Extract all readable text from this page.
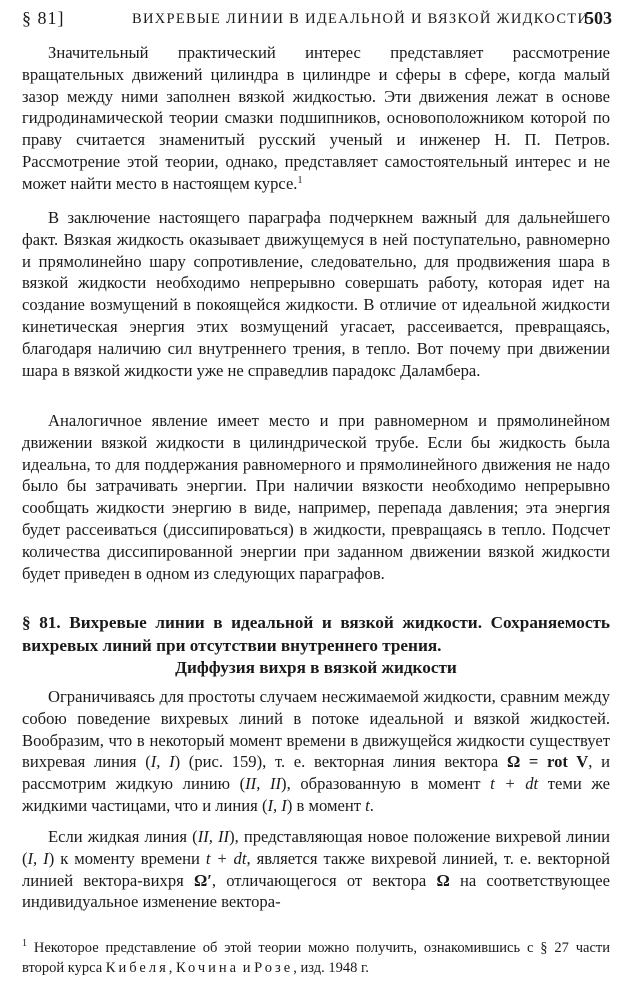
§ 81]	ВИХРЕВЫЕ ЛИНИИ В ИДЕАЛЬНОЙ И ВЯЗКОЙ ЖИДКОСТИ
503

Значительный практический интерес представляет рассмотрение вращательных движений цилиндра в цилиндре и сферы в сфере, когда малый зазор между ними заполнен вязкой жидкостью. Эти движения лежат в основе гидродинамической теории смазки подшипников, основоположником которой по праву считается знаменитый русский ученый и инженер Н. П. Петров. Рассмотрение этой теории, однако, представляет самостоятельный интерес и не может найти место в настоящем курсе.$^1$

В заключение настоящего параграфа подчеркнем важный для дальнейшего факт. Вязкая жидкость оказывает движущемуся в ней поступательно, равномерно и прямолинейно шару сопротивление, следовательно, для продвижения шара в вязкой жидкости необходимо непрерывно совершать работу, которая идет на создание возмущений в покоящейся жидкости. В отличие от идеальной жидкости кинетическая энергия этих возмущений угасает, рассеивается, превращаясь, благодаря наличию сил внутреннего трения, в тепло. Вот почему при движении шара в вязкой жидкости уже не справедлив парадокс Даламбера.

Аналогичное явление имеет место и при равномерном и прямолинейном движении вязкой жидкости в цилиндрической трубе. Если бы жидкость была идеальна, то для поддержания равномерного и прямолинейного движения не надо было бы затрачивать энергии. При наличии вязкости необходимо непрерывно сообщать жидкости энергию в виде, например, перепада давления; эта энергия будет рассеиваться (диссипироваться) в жидкости, превращаясь в тепло. Подсчет количества диссипированной энергии при заданном движении вязкой жидкости будет приведен в одном из следующих параграфов.

§ 81. Вихревые линии в идеальной и вязкой жидкости. Сохраняемость вихревых линий при отсутствии внутреннего трения.
Диффузия вихря в вязкой жидкости

Ограничиваясь для простоты случаем несжимаемой жидкости, сравним между собою поведение вихревых линий в потоке идеальной и вязкой жидкостей. Вообразим, что в некоторый момент времени в движущейся жидкости существует вихревая линия (I, I) (рис. 159), т. е. векторная линия вектора Ω = rot V, и рассмотрим жидкую линию (II, II), образованную в момент t + dt теми же жидкими частицами, что и линия (I, I) в момент t.

Если жидкая линия (II, II), представляющая новое положение вихревой линии (I, I) к моменту времени t + dt, является также вихревой линией, т. е. векторной линией вектора-вихря Ω′, отличающегося от вектора Ω на соответствующее индивидуальное изменение вектора-

$^1$ Некоторое представление об этой теории можно получить, ознакомившись с § 27 части второй курса Кибеля, Кочина и Розе, изд. 1948 г.
